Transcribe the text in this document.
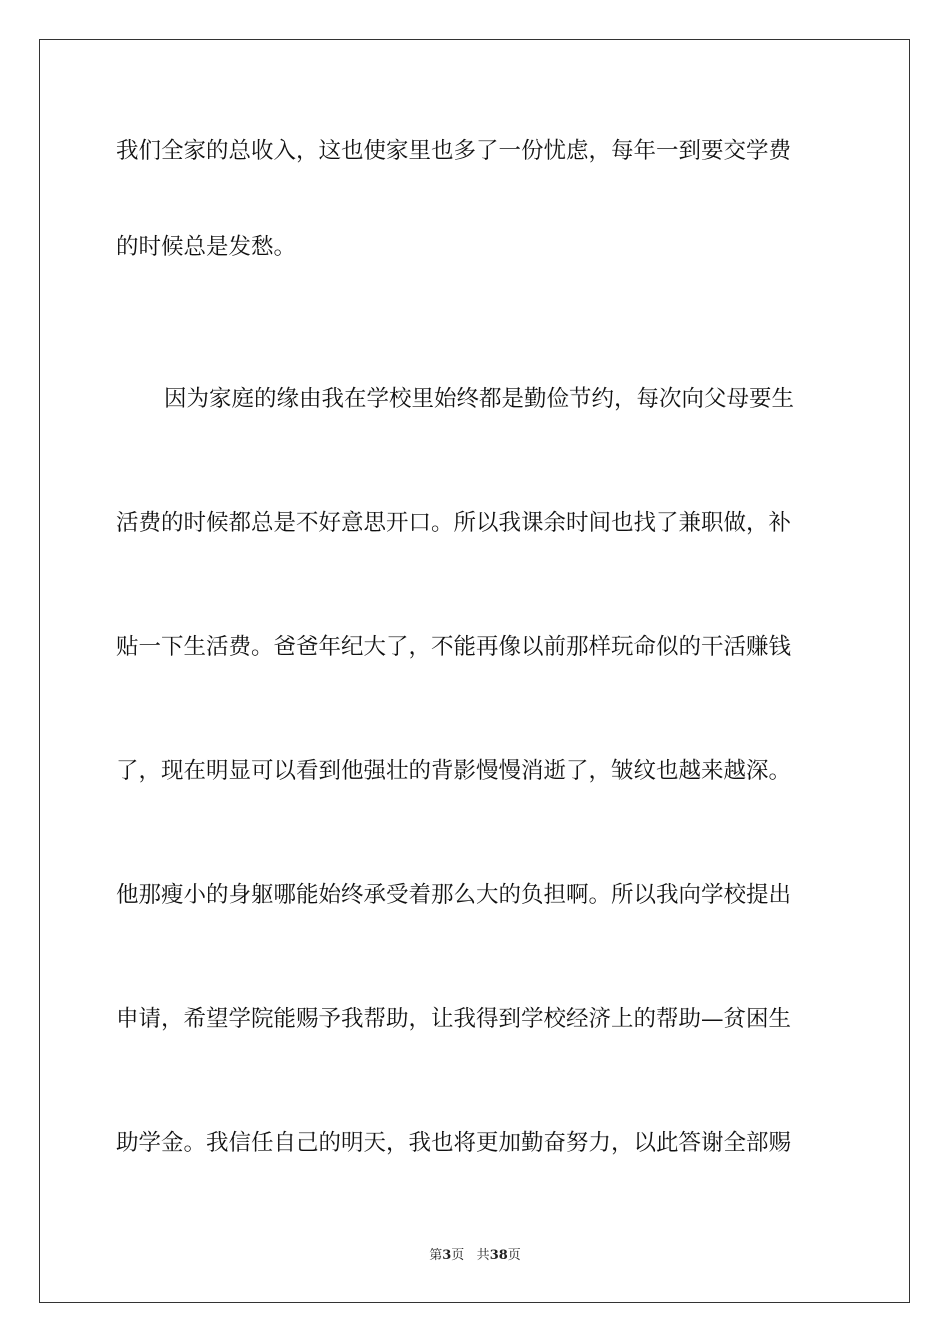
我们全家的总收入，这也使家里也多了一份忧虑，每年一到要交学费
的时候总是发愁。
因为家庭的缘由我在学校里始终都是勤俭节约，每次向父母要生
活费的时候都总是不好意思开口。所以我课余时间也找了兼职做，补
贴一下生活费。爸爸年纪大了，不能再像以前那样玩命似的干活赚钱
了，现在明显可以看到他强壮的背影慢慢消逝了，皱纹也越来越深。
他那瘦小的身躯哪能始终承受着那么大的负担啊。所以我向学校提出
申请，希望学院能赐予我帮助，让我得到学校经济上的帮助—贫困生
助学金。我信任自己的明天，我也将更加勤奋努力，以此答谢全部赐
第3页 共38页
